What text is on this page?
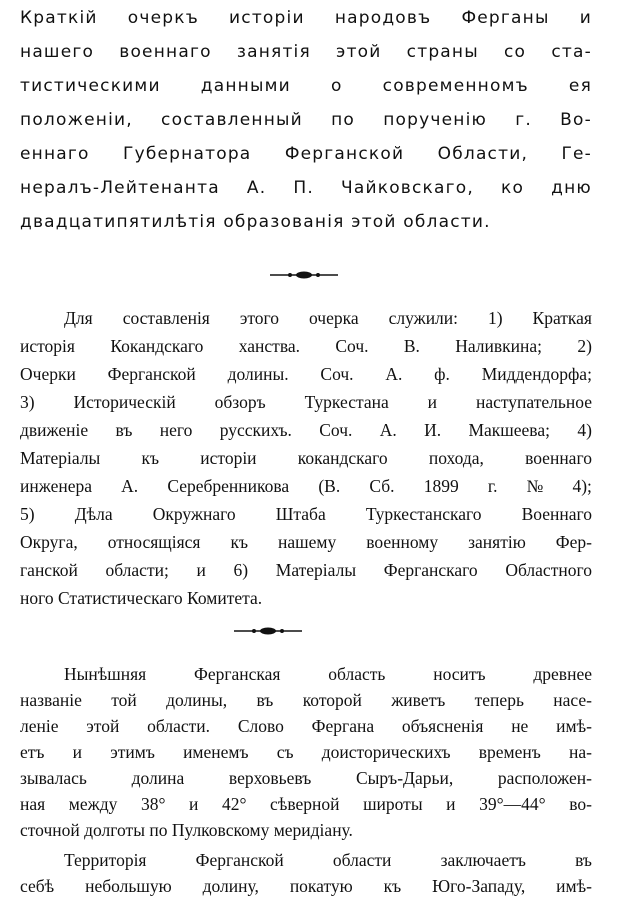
Краткій очеркъ исторіи народовъ Ферганы и
нашего военнаго занятія этой страны со ста-
тистическими данными о современномъ ея
положеніи, составленный по порученію г. Во-
еннаго Губернатора Ферганской Области, Ге-
нералъ-Лейтенанта А. П. Чайковскаго, ко дню
двадцатипятилѣтія образованія этой области.
Для составленія этого очерка служили: 1) Краткая
исторія Кокандскаго ханства. Соч. В. Наливкина; 2)
Очерки Ферганской долины. Соч. А. ф. Миддендорфа;
3) Историческій обзоръ Туркестана и наступательное
движеніе въ него русскихъ. Соч. А. И. Макшеева; 4)
Матеріалы къ исторіи кокандскаго похода, военнаго
инженера А. Серебренникова (В. Сб. 1899 г. № 4);
5) Дѣла Окружнаго Штаба Туркестанскаго Военнаго
Округа, относящіяся къ нашему военному занятію Фер-
ганской области; и 6) Матеріалы Ферганскаго Областного
ного Статистическаго Комитета.
Нынѣшняя	Ферганская	область	носитъ	древнее
названіе той долины, въ которой живетъ теперь насе-
леніе этой области. Слово Фергана объясненія не имѣ-
етъ и этимъ именемъ съ доисторическихъ временъ на-
зывалась	долина	верховьевъ	Сыръ-Дарьи,	расположен-
ная между 38° и 42° сѣверной широты и 39°—44° во-
сточной долготы по Пулковскому меридіану.
Территорія	Ферганской	области	заключаетъ	въ
себѣ небольшую долину, покатую къ Юго-Западу, имѣ-
